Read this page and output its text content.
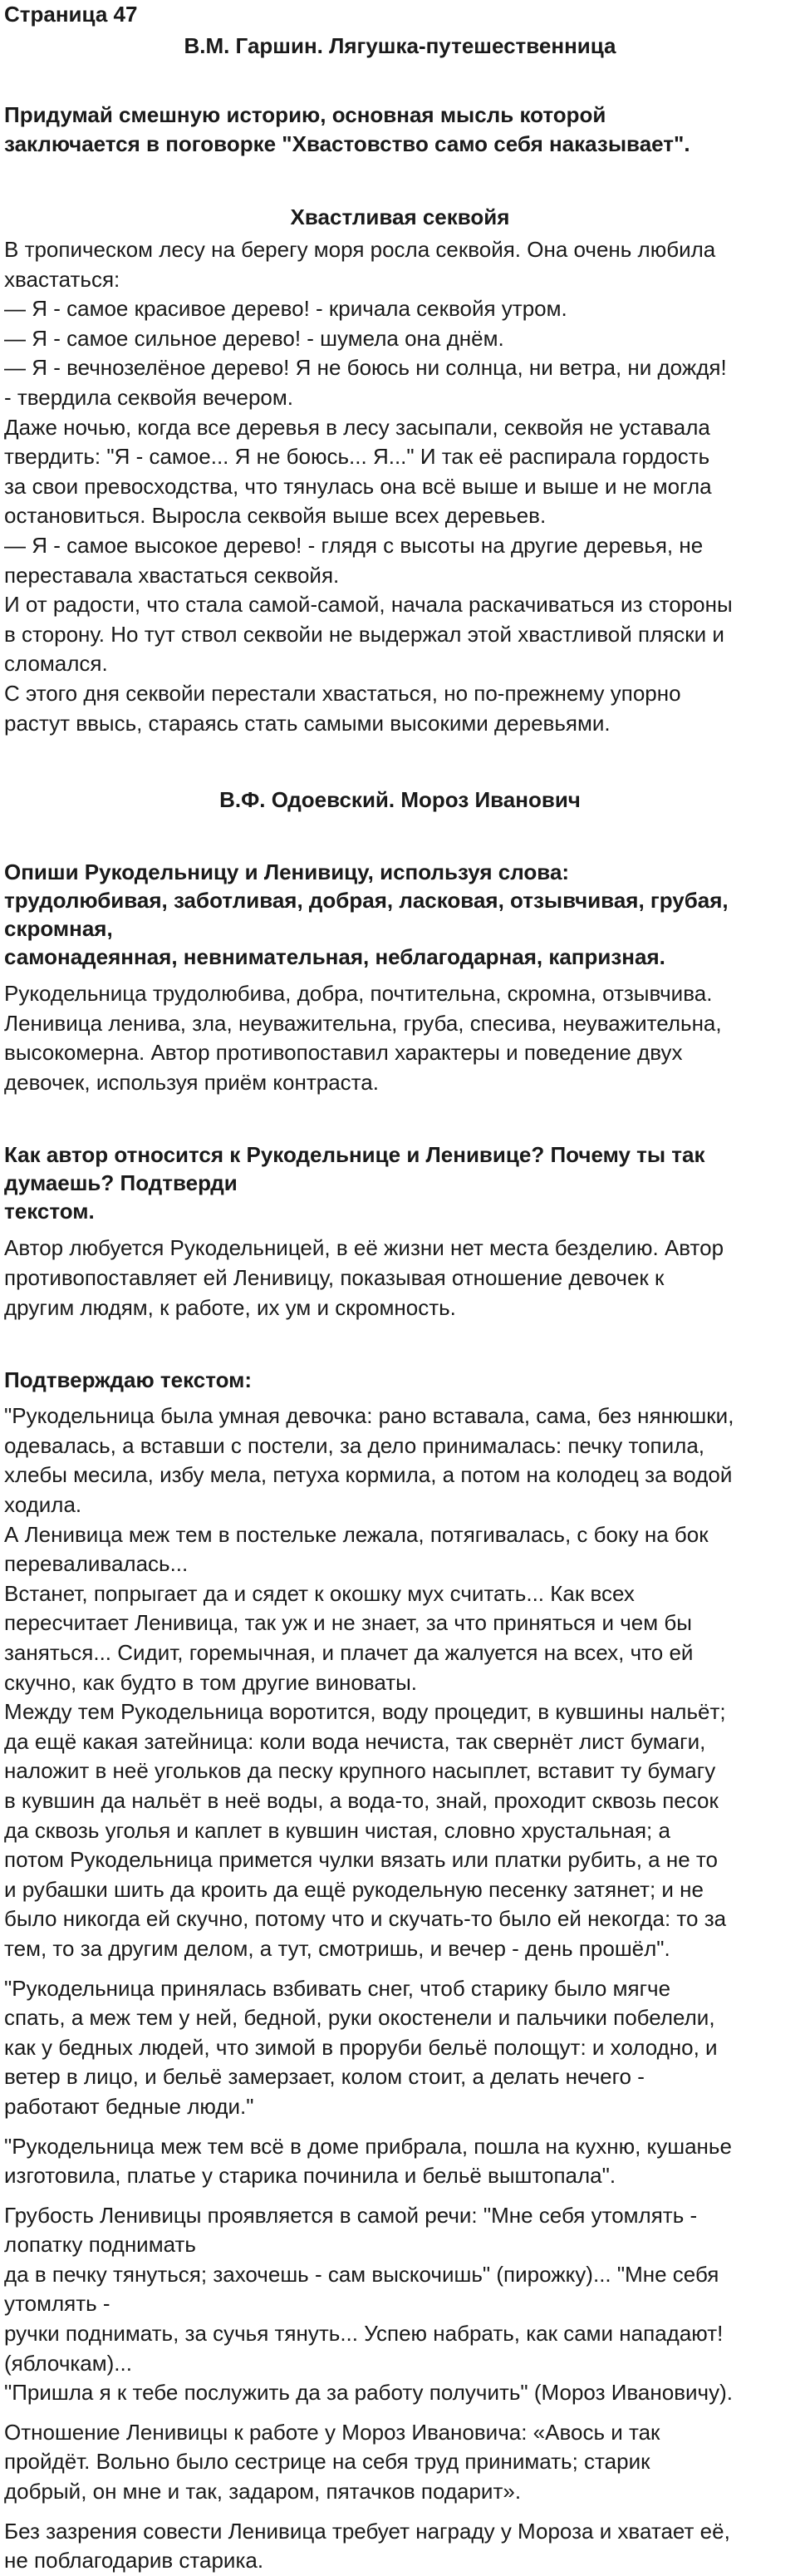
Страница 47

В.М. Гаршин. Лягушка-путешественница

Придумай смешную историю, основная мысль которой
заключается в поговорке "Хвастовство само себя наказывает".

Хвастливая секвойя

В тропическом лесу на берегу моря росла секвойя. Она очень любила
хвастаться:
— Я - самое красивое дерево! - кричала секвойя утром.
— Я - самое сильное дерево! - шумела она днём.
— Я - вечнозелёное дерево! Я не боюсь ни солнца, ни ветра, ни дождя!
- твердила секвойя вечером.
Даже ночью, когда все деревья в лесу засыпали, секвойя не уставала
твердить: "Я - самое... Я не боюсь... Я..." И так её распирала гордость
за свои превосходства, что тянулась она всё выше и выше и не могла
остановиться. Выросла секвойя выше всех деревьев.
— Я - самое высокое дерево! - глядя с высоты на другие деревья, не
переставала хвастаться секвойя.
И от радости, что стала самой-самой, начала раскачиваться из стороны
в сторону. Но тут ствол секвойи не выдержал этой хвастливой пляски и
сломался.
С этого дня секвойи перестали хвастаться, но по-прежнему упорно
растут ввысь, стараясь стать самыми высокими деревьями.

В.Ф. Одоевский. Мороз Иванович

Опиши Рукодельницу и Ленивицу, используя слова:
трудолюбивая, заботливая, добрая, ласковая, отзывчивая, грубая,
скромная,
самонадеянная, невнимательная, неблагодарная, капризная.

Рукодельница трудолюбива, добра, почтительна, скромна, отзывчива.
Ленивица ленива, зла, неуважительна, груба, спесива, неуважительна,
высокомерна. Автор противопоставил характеры и поведение двух
девочек, используя приём контраста.

Как автор относится к Рукодельнице и Ленивице? Почему ты так
думаешь? Подтверди
текстом.

Автор любуется Рукодельницей, в её жизни нет места безделию. Автор
противопоставляет ей Ленивицу, показывая отношение девочек к
другим людям, к работе, их ум и скромность.

Подтверждаю текстом:

"Рукодельница была умная девочка: рано вставала, сама, без нянюшки,
одевалась, а вставши с постели, за дело принималась: печку топила,
хлебы месила, избу мела, петуха кормила, а потом на колодец за водой
ходила.
А Ленивица меж тем в постельке лежала, потягивалась, с боку на бок
перевaливалась...
Встанет, попрыгает да и сядет к окошку мух считать... Как всех
пересчитает Ленивица, так уж и не знает, за что приняться и чем бы
заняться... Сидит, горемычная, и плачет да жалуется на всех, что ей
скучно, как будто в том другие виноваты.
Между тем Рукодельница воротится, воду процедит, в кувшины нальёт;
да ещё какая затейница: коли вода нечиста, так свернёт лист бумаги,
наложит в неё угольков да песку крупного насыплет, вставит ту бумагу
в кувшин да нальёт в неё воды, а вода-то, знай, проходит сквозь песок
да сквозь уголья и каплет в кувшин чистая, словно хрустальная; а
потом Рукодельница примется чулки вязать или платки рубить, а не то
и рубашки шить да кроить да ещё рукодельную песенку затянет; и не
было никогда ей скучно, потому что и скучать-то было ей некогда: то за
тем, то за другим делом, а тут, смотришь, и вечер - день прошёл".

"Рукодельница принялась взбивать снег, чтоб старику было мягче
спать, а меж тем у ней, бедной, руки окостенели и пальчики побелели,
как у бедных людей, что зимой в проруби бельё полощут: и холодно, и
ветер в лицо, и бельё замерзает, колом стоит, а делать нечего -
работают бедные люди."

"Рукодельница меж тем всё в доме прибрала, пошла на кухню, кушанье
изготовила, платье у старика починила и бельё выштопала".

Грубость Ленивицы проявляется в самой речи: "Мне себя утомлять -
лопатку поднимать
да в печку тянуться; захочешь - сам выскочишь" (пирожку)... "Мне себя
утомлять -
ручки поднимать, за сучья тянуть... Успею набрать, как сами нападают!
(яблочкам)...
"Пришла я к тебе послужить да за работу получить" (Мороз Ивановичу).

Отношение Ленивицы к работе у Мороз Ивановича: «Авось и так
пройдёт. Вольно было сестрице на себя труд принимать; старик
добрый, он мне и так, задаром, пятачков подарит».

Без зазрения совести Ленивица требует награду у Мороза и хватает её,
не поблагодарив старика.
